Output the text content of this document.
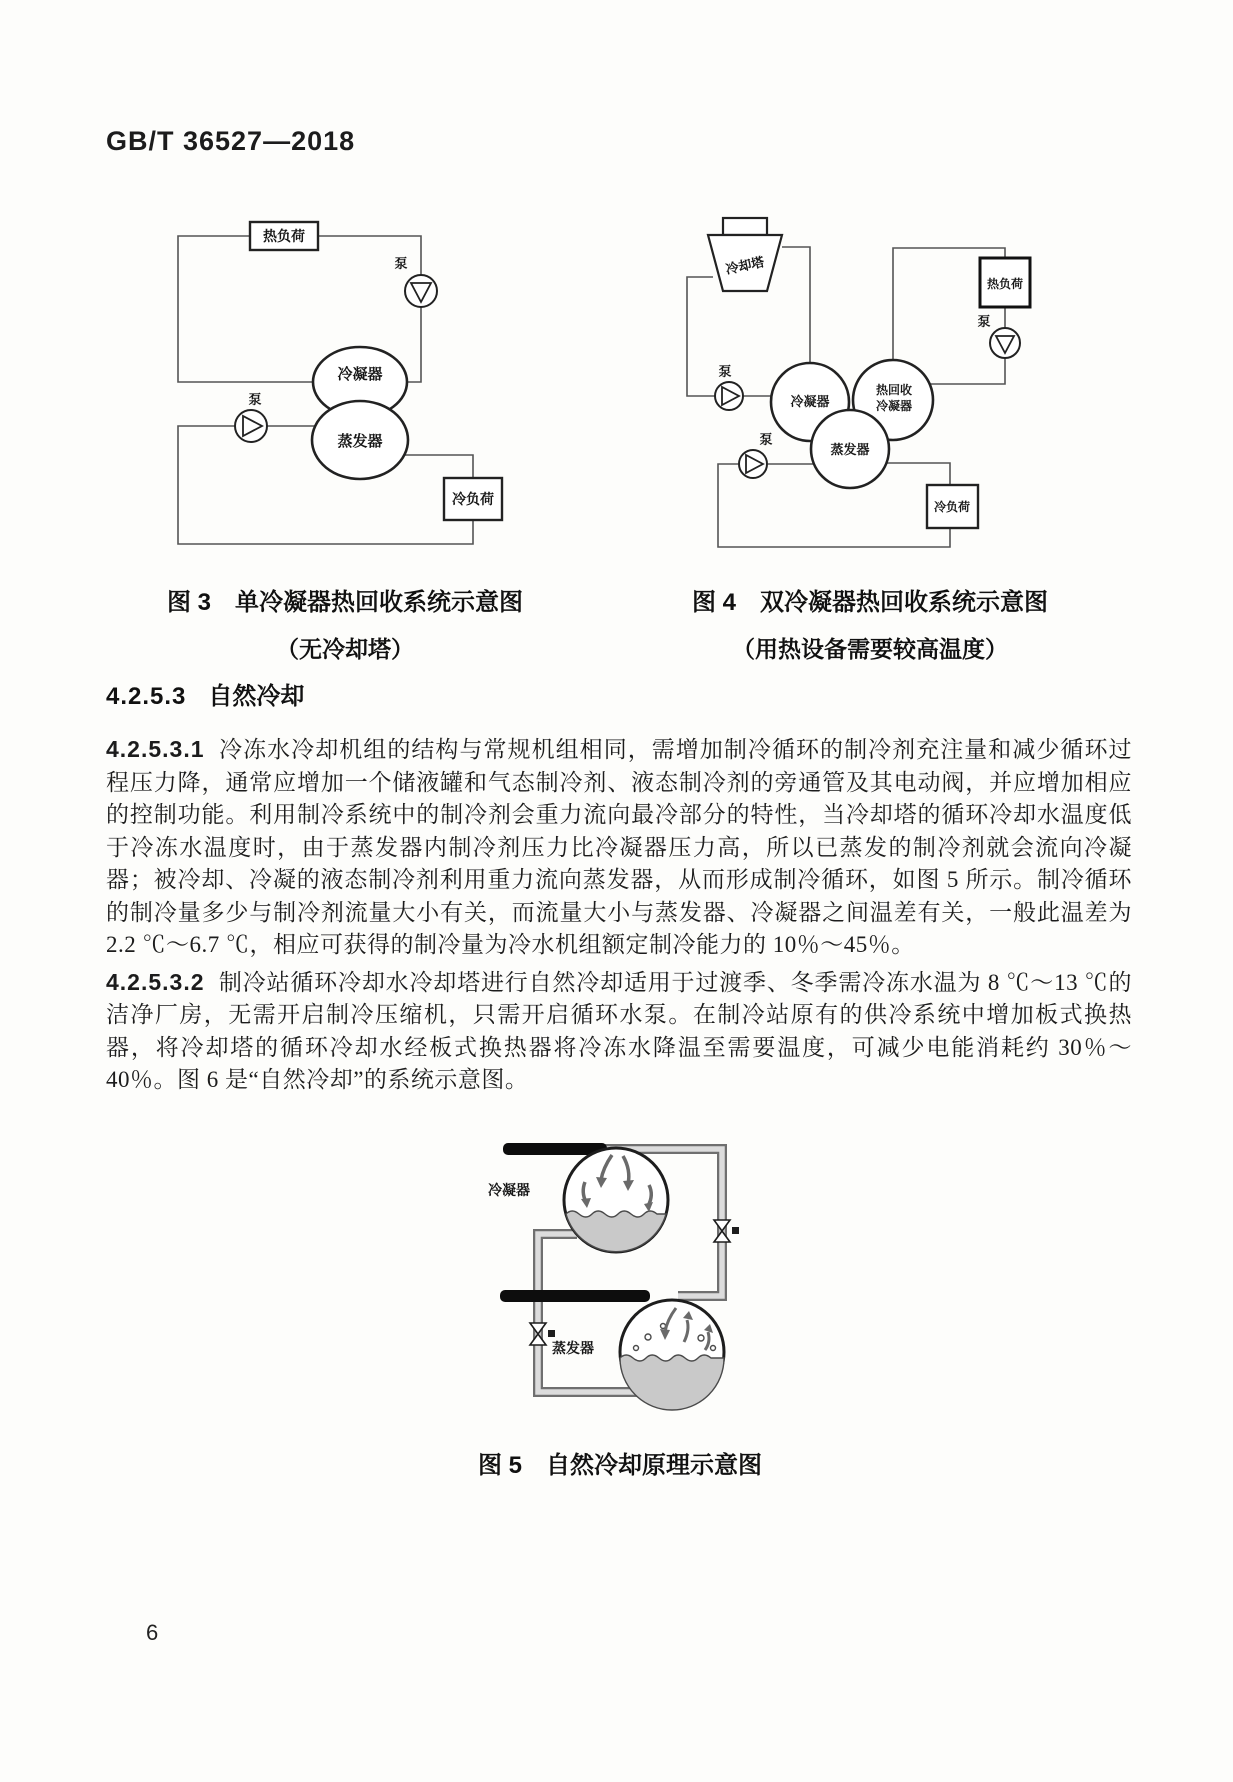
GB/T 36527—2018
热负荷
泵
冷凝器
蒸发器
泵
冷负荷
冷却塔
泵
冷凝器
热回收
冷凝器
蒸发器
泵
热负荷
泵
冷负荷
图 3　单冷凝器热回收系统示意图
（无冷却塔）
图 4　双冷凝器热回收系统示意图
（用热设备需要较高温度）
4.2.5.3 自然冷却

4.2.5.3.1 冷冻水冷却机组的结构与常规机组相同，需增加制冷循环的制冷剂充注量和减少循环过程压力降，通常应增加一个储液罐和气态制冷剂、液态制冷剂的旁通管及其电动阀，并应增加相应的控制功能。利用制冷系统中的制冷剂会重力流向最冷部分的特性，当冷却塔的循环冷却水温度低于冷冻水温度时，由于蒸发器内制冷剂压力比冷凝器压力高，所以已蒸发的制冷剂就会流向冷凝器；被冷却、冷凝的液态制冷剂利用重力流向蒸发器，从而形成制冷循环，如图 5 所示。制冷循环的制冷量多少与制冷剂流量大小有关，而流量大小与蒸发器、冷凝器之间温差有关，一般此温差为 2.2 ℃～6.7 ℃，相应可获得的制冷量为冷水机组额定制冷能力的 10％～45％。

4.2.5.3.2 制冷站循环冷却水冷却塔进行自然冷却适用于过渡季、冬季需冷冻水温为 8 ℃～13 ℃的洁净厂房，无需开启制冷压缩机，只需开启循环水泵。在制冷站原有的供冷系统中增加板式换热器，将冷却塔的循环冷却水经板式换热器将冷冻水降温至需要温度，可减少电能消耗约 30％～40％。图 6 是“自然冷却”的系统示意图。

冷凝器
蒸发器
图 5　自然冷却原理示意图
6
